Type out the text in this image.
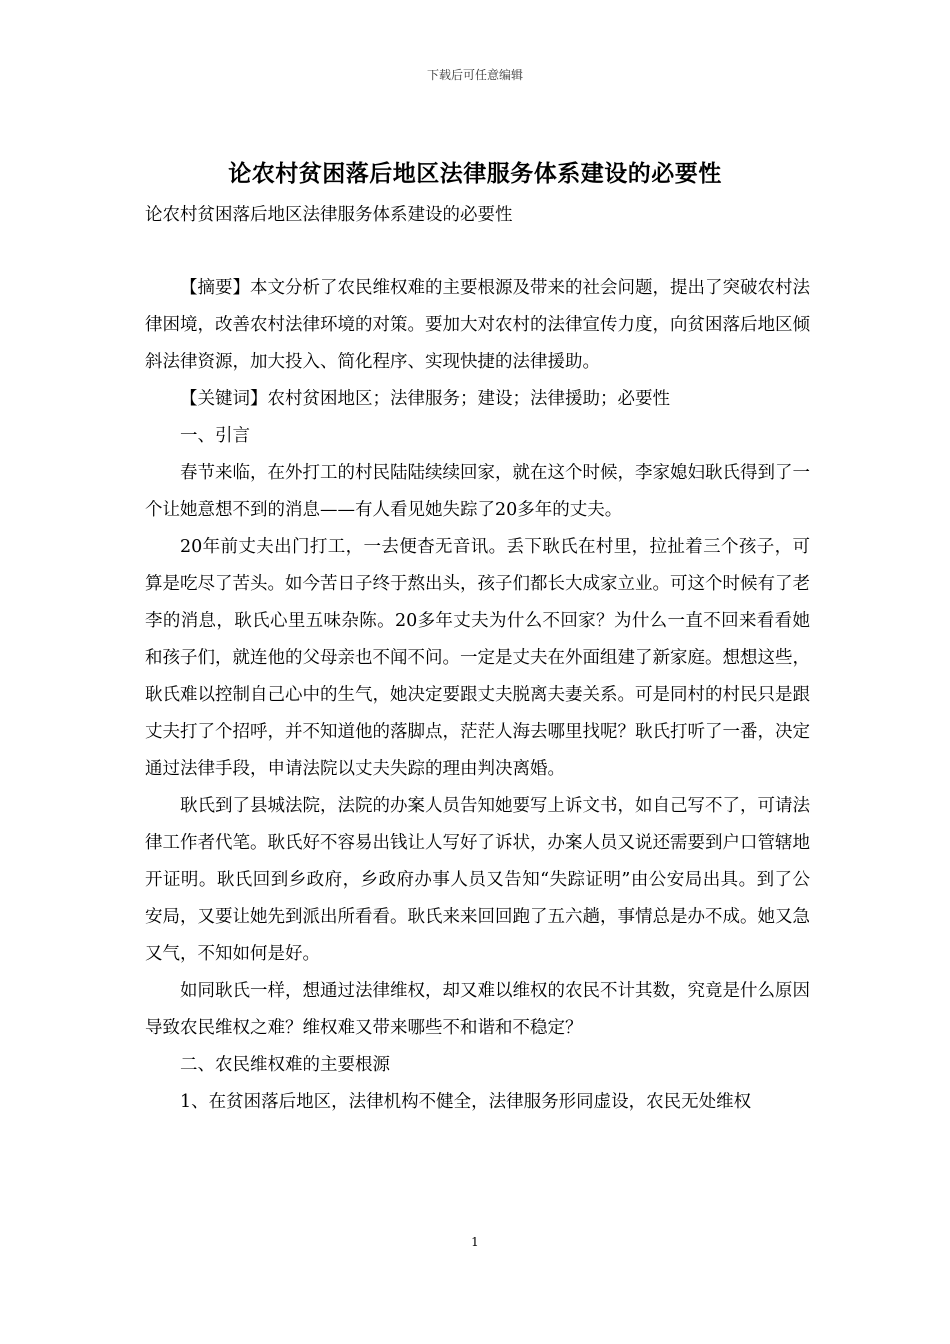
下载后可任意编辑
论农村贫困落后地区法律服务体系建设的必要性
论农村贫困落后地区法律服务体系建设的必要性

【摘要】本文分析了农民维权难的主要根源及带来的社会问题，提出了突破农村法律困境，改善农村法律环境的对策。要加大对农村的法律宣传力度，向贫困落后地区倾斜法律资源，加大投入、简化程序、实现快捷的法律援助。

【关键词】农村贫困地区；法律服务；建设；法律援助；必要性

一、引言

春节来临，在外打工的村民陆陆续续回家，就在这个时候，李家媳妇耿氏得到了一个让她意想不到的消息——有人看见她失踪了20多年的丈夫。

20年前丈夫出门打工，一去便杳无音讯。丢下耿氏在村里，拉扯着三个孩子，可算是吃尽了苦头。如今苦日子终于熬出头，孩子们都长大成家立业。可这个时候有了老李的消息，耿氏心里五味杂陈。20多年丈夫为什么不回家？为什么一直不回来看看她和孩子们，就连他的父母亲也不闻不问。一定是丈夫在外面组建了新家庭。想想这些，耿氏难以控制自己心中的生气，她决定要跟丈夫脱离夫妻关系。可是同村的村民只是跟丈夫打了个招呼，并不知道他的落脚点，茫茫人海去哪里找呢？耿氏打听了一番，决定通过法律手段，申请法院以丈夫失踪的理由判决离婚。

耿氏到了县城法院，法院的办案人员告知她要写上诉文书，如自己写不了，可请法律工作者代笔。耿氏好不容易出钱让人写好了诉状，办案人员又说还需要到户口管辖地开证明。耿氏回到乡政府，乡政府办事人员又告知“失踪证明”由公安局出具。到了公安局，又要让她先到派出所看看。耿氏来来回回跑了五六趟，事情总是办不成。她又急又气，不知如何是好。

如同耿氏一样，想通过法律维权，却又难以维权的农民不计其数，究竟是什么原因导致农民维权之难？维权难又带来哪些不和谐和不稳定？

二、农民维权难的主要根源

1、在贫困落后地区，法律机构不健全，法律服务形同虚设，农民无处维权

1
